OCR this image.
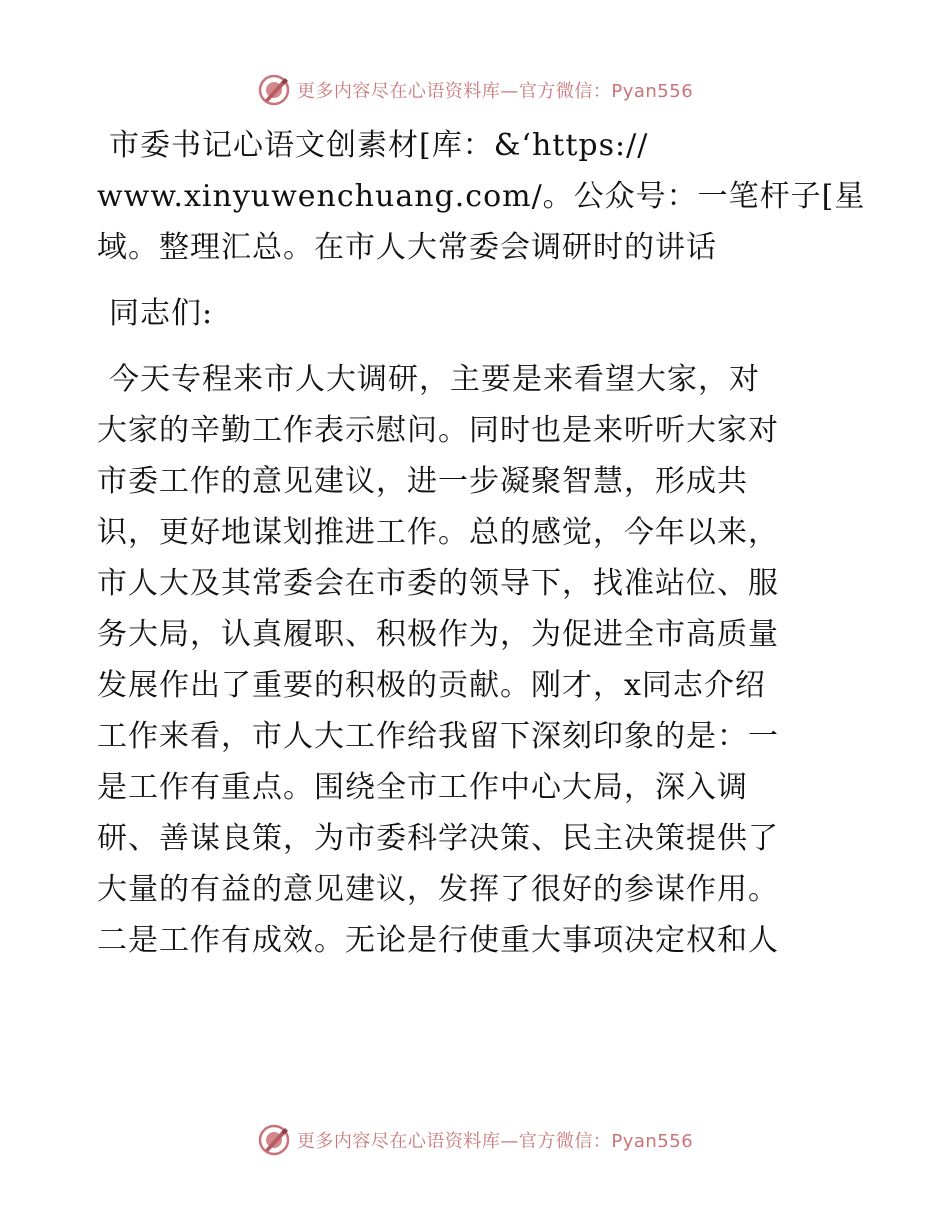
更多内容尽在心语资料库—官方微信：Pyan556
市委书记心语文创素材[库：&‘https://
www.xinyuwenchuang.com/。公众号：一笔杆子[星
域。整理汇总。在市人大常委会调研时的讲话
同志们:
今天专程来市人大调研，主要是来看望大家，对
大家的辛勤工作表示慰问。同时也是来听听大家对
市委工作的意见建议，进一步凝聚智慧，形成共
识，更好地谋划推进工作。总的感觉，今年以来，
市人大及其常委会在市委的领导下，找准站位、服
务大局，认真履职、积极作为，为促进全市高质量
发展作出了重要的积极的贡献。刚才，x同志介绍
工作来看，市人大工作给我留下深刻印象的是：一
是工作有重点。围绕全市工作中心大局，深入调
研、善谋良策，为市委科学决策、民主决策提供了
大量的有益的意见建议，发挥了很好的参谋作用。
二是工作有成效。无论是行使重大事项决定权和人
更多内容尽在心语资料库—官方微信：Pyan556
